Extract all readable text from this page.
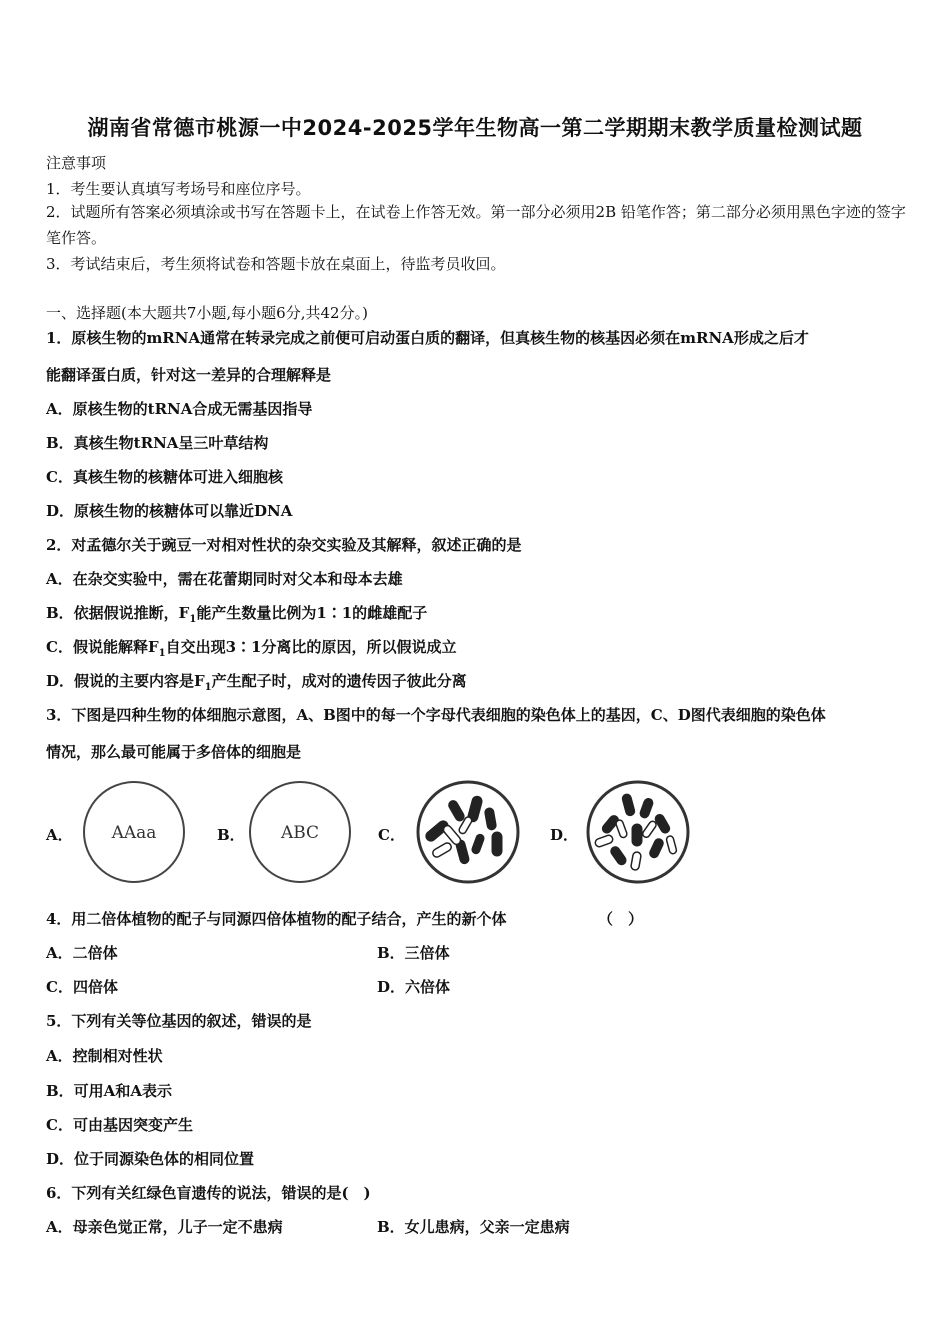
湖南省常德市桃源一中2024-2025学年生物高一第二学期期末教学质量检测试题
注意事项
1．考生要认真填写考场号和座位序号。
2．试题所有答案必须填涂或书写在答题卡上，在试卷上作答无效。第一部分必须用2B 铅笔作答；第二部分必须用黑色字迹的签字笔作答。
3．考试结束后，考生须将试卷和答题卡放在桌面上，待监考员收回。
一、选择题(本大题共7小题,每小题6分,共42分。)
1．原核生物的mRNA通常在转录完成之前便可启动蛋白质的翻译，但真核生物的核基因必须在mRNA形成之后才
能翻译蛋白质，针对这一差异的合理解释是
A．原核生物的tRNA合成无需基因指导
B．真核生物tRNA呈三叶草结构
C．真核生物的核糖体可进入细胞核
D．原核生物的核糖体可以靠近DNA
2．对孟德尔关于豌豆一对相对性状的杂交实验及其解释，叙述正确的是
A．在杂交实验中，需在花蕾期同时对父本和母本去雄
B．依据假说推断，$F_1$能产生数量比例为1∶1的雌雄配子
C．假说能解释$F_1$自交出现3∶1分离比的原因，所以假说成立
D．假说的主要内容是$F_1$产生配子时，成对的遗传因子彼此分离
3．下图是四种生物的体细胞示意图，A、B图中的每一个字母代表细胞的染色体上的基因，C、D图代表细胞的染色体
情况，那么最可能属于多倍体的细胞是
A． AAaa	B． ABC	C．	D．
4．用二倍体植物的配子与同源四倍体植物的配子结合，产生的新个体	（　）
A．二倍体	B．三倍体
C．四倍体	D．六倍体
5．下列有关等位基因的叙述，错误的是
A．控制相对性状
B．可用A和A表示
C．可由基因突变产生
D．位于同源染色体的相同位置
6．下列有关红绿色盲遗传的说法，错误的是(　)
A．母亲色觉正常，儿子一定不患病	B．女儿患病，父亲一定患病
